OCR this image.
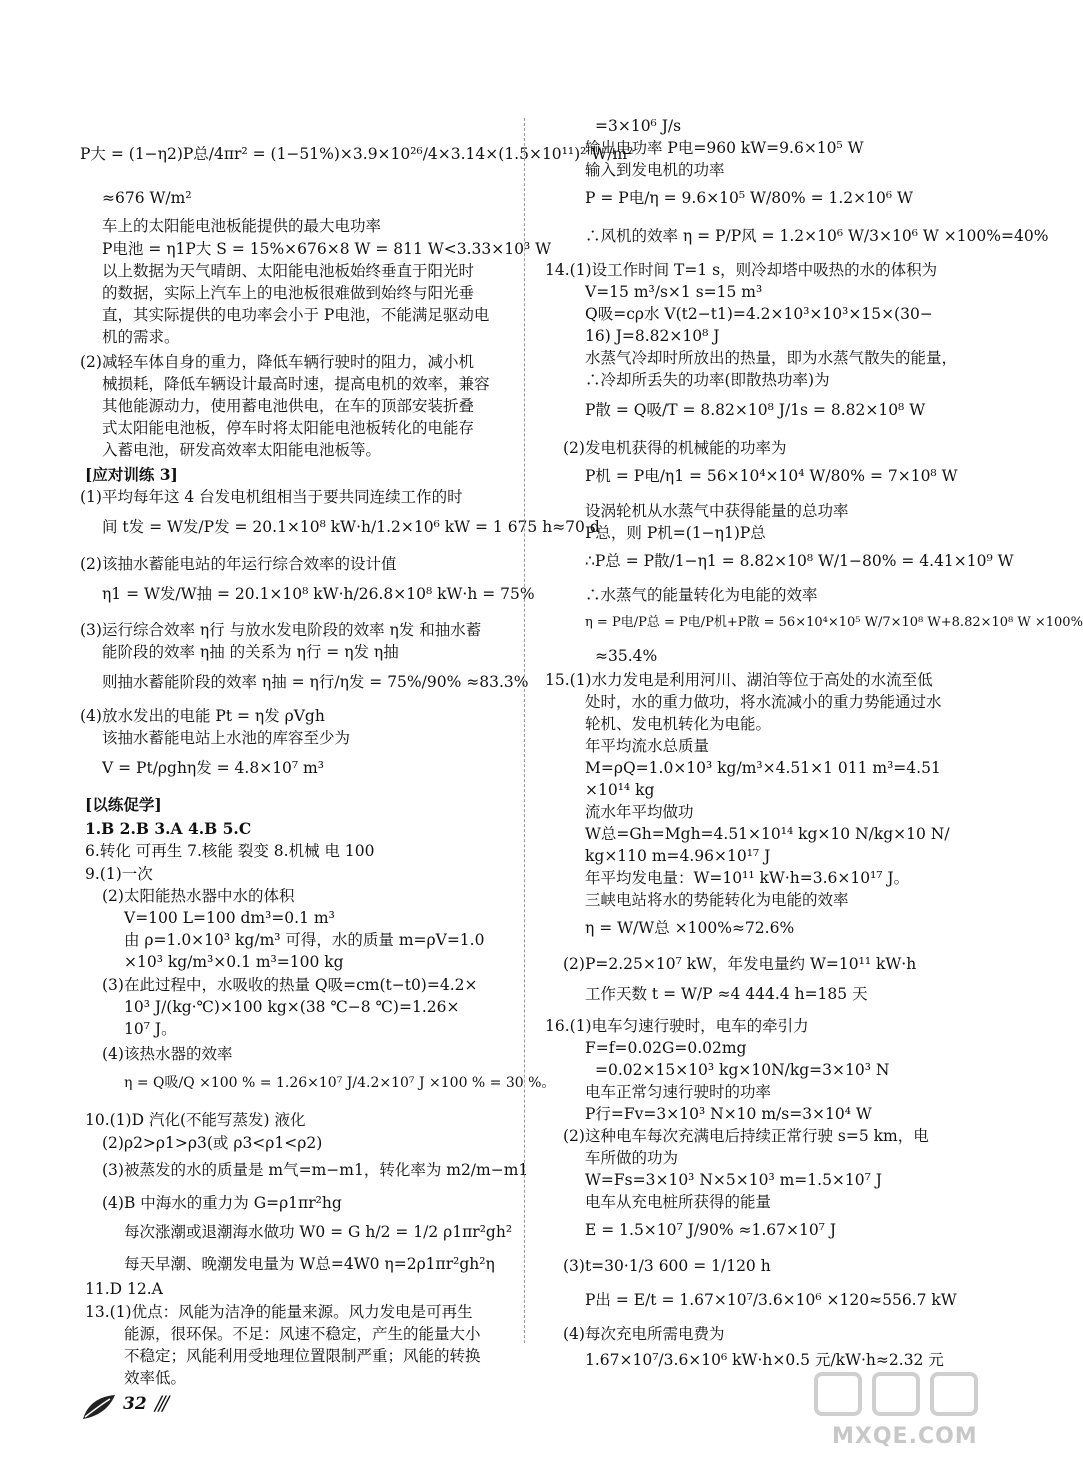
P大 = (1−η2)P总/4πr² = (1−51%)×3.9×10²⁶/4×3.14×(1.5×10¹¹)² W/m²
≈676 W/m²
车上的太阳能电池板能提供的最大电功率
P电池 = η1P大 S = 15%×676×8 W = 811 W<3.33×10³ W
以上数据为天气晴朗、太阳能电池板始终垂直于阳光时
的数据，实际上汽车上的电池板很难做到始终与阳光垂
直，其实际提供的电功率会小于 P电池，不能满足驱动电
机的需求。
(2)减轻车体自身的重力，降低车辆行驶时的阻力，减小机
械损耗，降低车辆设计最高时速，提高电机的效率，兼容
其他能源动力，使用蓄电池供电，在车的顶部安装折叠
式太阳能电池板，停车时将太阳能电池板转化的电能存
入蓄电池，研发高效率太阳能电池板等。
[应对训练 3]
(1)平均每年这 4 台发电机组相当于要共同连续工作的时
间 t发 = W发/P发 = 20.1×10⁸ kW·h/1.2×10⁶ kW = 1 675 h≈70 d
(2)该抽水蓄能电站的年运行综合效率的设计值
η1 = W发/W抽 = 20.1×10⁸ kW·h/26.8×10⁸ kW·h = 75%
(3)运行综合效率 η行 与放水发电阶段的效率 η发 和抽水蓄
能阶段的效率 η抽 的关系为 η行 = η发 η抽
则抽水蓄能阶段的效率 η抽 = η行/η发 = 75%/90% ≈83.3%
(4)放水发出的电能 Pt = η发 ρVgh
该抽水蓄能电站上水池的库容至少为
V = Pt/ρghη发 = 4.8×10⁷ m³
[以练促学]
1.B 2.B 3.A 4.B 5.C
6.转化 可再生 7.核能 裂变 8.机械 电 100
9.(1)一次
(2)太阳能热水器中水的体积
V=100 L=100 dm³=0.1 m³
由 ρ=1.0×10³ kg/m³ 可得，水的质量 m=ρV=1.0
×10³ kg/m³×0.1 m³=100 kg
(3)在此过程中，水吸收的热量 Q吸=cm(t−t0)=4.2×
10³ J/(kg·℃)×100 kg×(38 ℃−8 ℃)=1.26×
10⁷ J。
(4)该热水器的效率
η = Q吸/Q ×100 % = 1.26×10⁷ J/4.2×10⁷ J ×100 % = 30 %。
10.(1)D 汽化(不能写蒸发) 液化
(2)ρ2>ρ1>ρ3(或 ρ3<ρ1<ρ2)
(3)被蒸发的水的质量是 m气=m−m1，转化率为 m2/m−m1
(4)B 中海水的重力为 G=ρ1πr²hg
每次涨潮或退潮海水做功 W0 = G h/2 = 1/2 ρ1πr²gh²
每天早潮、晚潮发电量为 W总=4W0 η=2ρ1πr²gh²η
11.D 12.A
13.(1)优点：风能为洁净的能量来源。风力发电是可再生
能源，很环保。不足：风速不稳定，产生的能量大小
不稳定；风能利用受地理位置限制严重；风能的转换
效率低。
=3×10⁶ J/s
输出电功率 P电=960 kW=9.6×10⁵ W
输入到发电机的功率
P = P电/η = 9.6×10⁵ W/80% = 1.2×10⁶ W
∴风机的效率 η = P/P风 = 1.2×10⁶ W/3×10⁶ W ×100%=40%
14.(1)设工作时间 T=1 s，则冷却塔中吸热的水的体积为
V=15 m³/s×1 s=15 m³
Q吸=cρ水 V(t2−t1)=4.2×10³×10³×15×(30−
16) J=8.82×10⁸ J
水蒸气冷却时所放出的热量，即为水蒸气散失的能量，
∴冷却所丢失的功率(即散热功率)为
P散 = Q吸/T = 8.82×10⁸ J/1s = 8.82×10⁸ W
(2)发电机获得的机械能的功率为
P机 = P电/η1 = 56×10⁴×10⁴ W/80% = 7×10⁸ W
设涡轮机从水蒸气中获得能量的总功率
P总，则 P机=(1−η1)P总
∴P总 = P散/1−η1 = 8.82×10⁸ W/1−80% = 4.41×10⁹ W
∴水蒸气的能量转化为电能的效率
η = P电/P总 = P电/P机+P散 = 56×10⁴×10⁵ W/7×10⁸ W+8.82×10⁸ W ×100%
≈35.4%
15.(1)水力发电是利用河川、湖泊等位于高处的水流至低
处时，水的重力做功，将水流减小的重力势能通过水
轮机、发电机转化为电能。
年平均流水总质量
M=ρQ=1.0×10³ kg/m³×4.51×1 011 m³=4.51
×10¹⁴ kg
流水年平均做功
W总=Gh=Mgh=4.51×10¹⁴ kg×10 N/kg×10 N/
kg×110 m=4.96×10¹⁷ J
年平均发电量：W=10¹¹ kW·h=3.6×10¹⁷ J。
三峡电站将水的势能转化为电能的效率
η = W/W总 ×100%≈72.6%
(2)P=2.25×10⁷ kW，年发电量约 W=10¹¹ kW·h
工作天数 t = W/P ≈4 444.4 h=185 天
16.(1)电车匀速行驶时，电车的牵引力
F=f=0.02G=0.02mg
=0.02×15×10³ kg×10N/kg=3×10³ N
电车正常匀速行驶时的功率
P行=Fv=3×10³ N×10 m/s=3×10⁴ W
(2)这种电车每次充满电后持续正常行驶 s=5 km，电
车所做的功为
W=Fs=3×10³ N×5×10³ m=1.5×10⁷ J
电车从充电桩所获得的能量
E = 1.5×10⁷ J/90% ≈1.67×10⁷ J
(3)t=30·1/3 600 = 1/120 h
P出 = E/t = 1.67×10⁷/3.6×10⁶ ×120≈556.7 kW
(4)每次充电所需电费为
1.67×10⁷/3.6×10⁶ kW·h×0.5 元/kW·h≈2.32 元
32 ///
MXQE.COM
